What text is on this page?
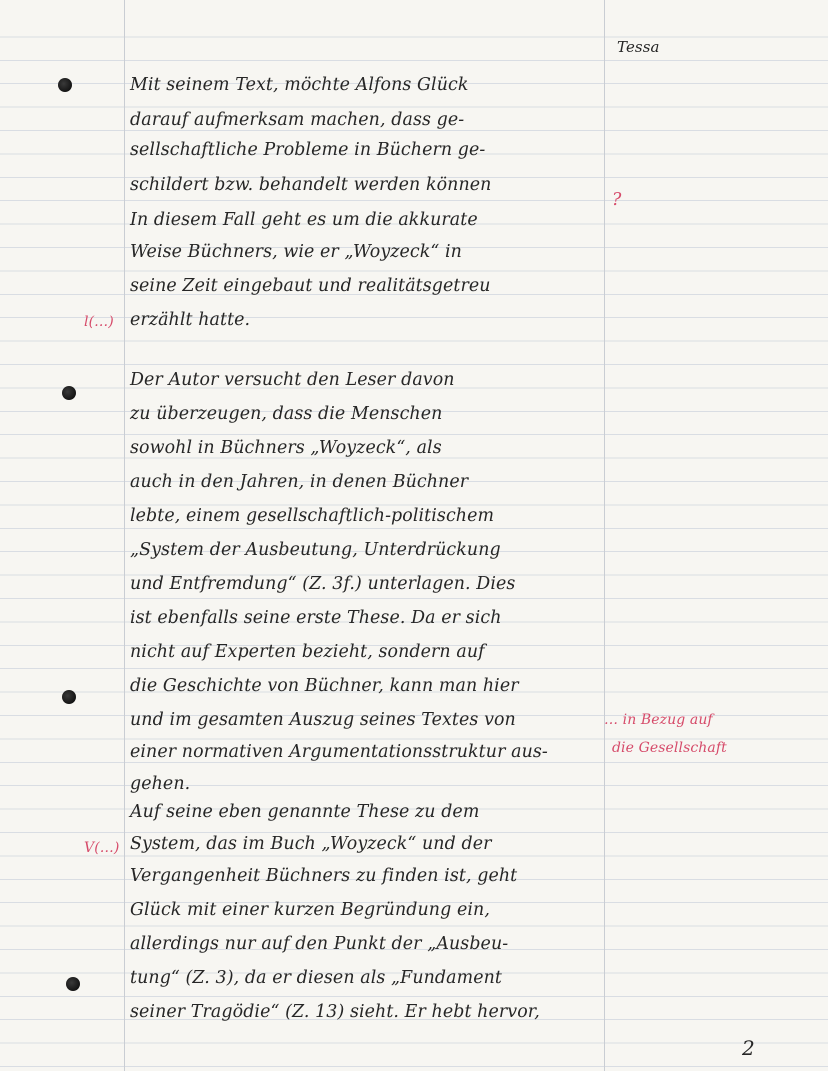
Tessa

Mit seinem Text, möchte Alfons Glück

darauf aufmerksam machen, dass ge-

sellschaftliche Probleme in Büchern ge-

schildert bzw. behandelt werden können

In diesem Fall geht es um die akkurate

Weise Büchners, wie er „Woyzeck“ in

seine Zeit eingebaut und realitätsgetreu

erzählt hatte.

Der Autor versucht den Leser davon

zu überzeugen, dass die Menschen

sowohl in Büchners „Woyzeck“, als

auch in den Jahren, in denen Büchner

lebte, einem gesellschaftlich-politischem

„System der Ausbeutung, Unterdrückung

und Entfremdung“ (Z. 3f.) unterlagen. Dies

ist ebenfalls seine erste These. Da er sich

nicht auf Experten bezieht, sondern auf

die Geschichte von Büchner, kann man hier

und im gesamten Auszug seines Textes von

einer normativen Argumentationsstruktur aus-

gehen.

Auf seine eben genannte These zu dem

System, das im Buch „Woyzeck“ und der

Vergangenheit Büchners zu finden ist, geht

Glück mit einer kurzen Begründung ein,

allerdings nur auf den Punkt der „Ausbeu-

tung“ (Z. 3), da er diesen als „Fundament

seiner Tragödie“ (Z. 13) sieht. Er hebt hervor,

?

l(…)

V(…)

… in Bezug auf

die Gesellschaft

2
